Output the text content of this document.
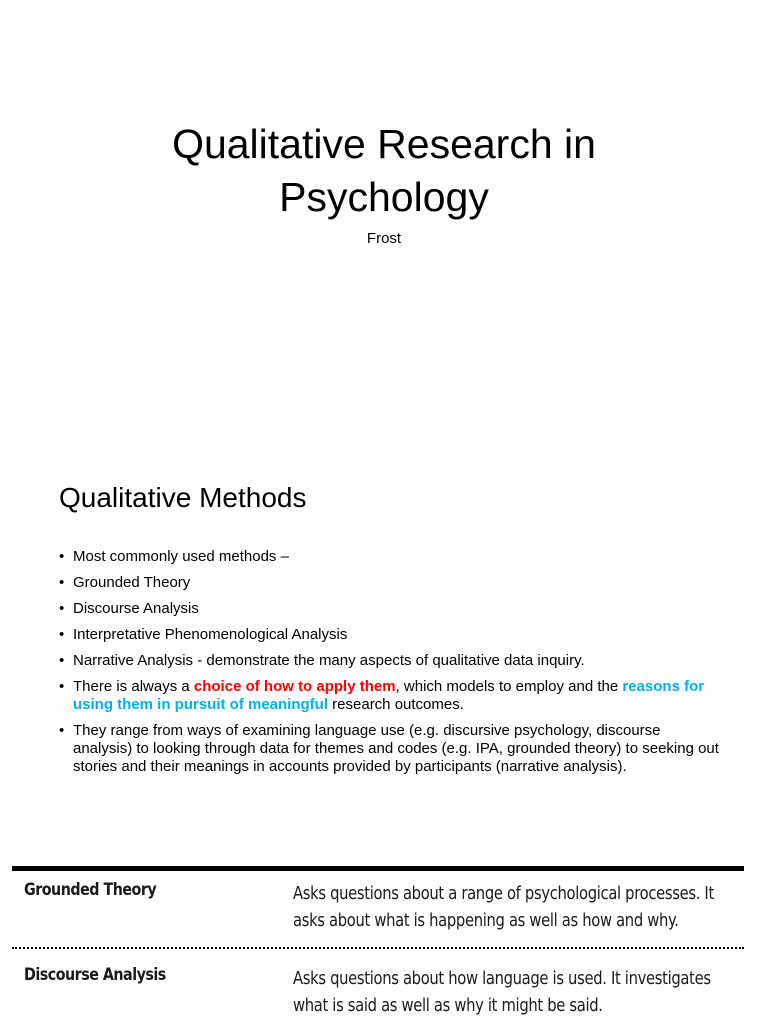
Qualitative Research in
Psychology
Frost
Qualitative Methods
• Most commonly used methods –
• Grounded Theory
• Discourse Analysis
• Interpretative Phenomenological Analysis
• Narrative Analysis - demonstrate the many aspects of qualitative data inquiry.
• There is always a choice of how to apply them, which models to employ and the reasons for using them in pursuit of meaningful research outcomes.
• They range from ways of examining language use (e.g. discursive psychology, discourse analysis) to looking through data for themes and codes (e.g. IPA, grounded theory) to seeking out stories and their meanings in accounts provided by participants (narrative analysis).
Grounded Theory	Asks questions about a range of psychological processes. It
asks about what is happening as well as how and why.
Discourse Analysis	Asks questions about how language is used. It investigates
what is said as well as why it might be said.
